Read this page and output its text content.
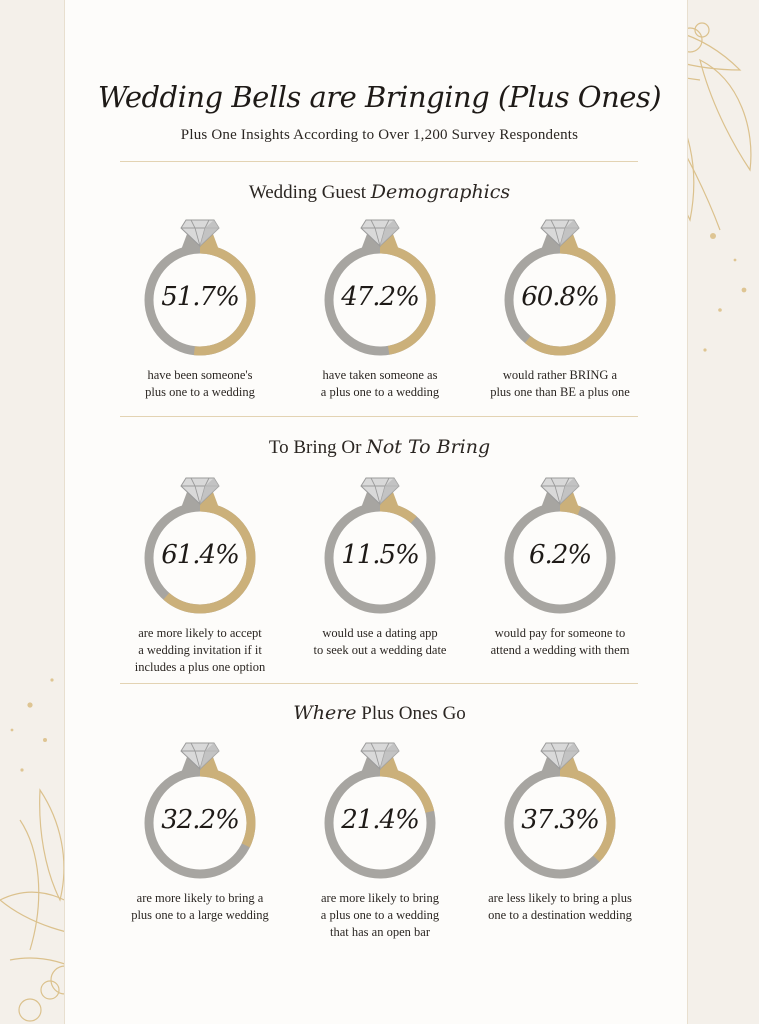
Wedding Bells are Bringing (Plus Ones)
Plus One Insights According to Over 1,200 Survey Respondents
Wedding Guest Demographics
51.7%
have been someone's
plus one to a wedding
47.2%
have taken someone as
a plus one to a wedding
60.8%
would rather BRING a
plus one than BE a plus one
To Bring Or Not To Bring
61.4%
are more likely to accept
a wedding invitation if it
includes a plus one option
11.5%
would use a dating app
to seek out a wedding date
6.2%
would pay for someone to
attend a wedding with them
Where Plus Ones Go
32.2%
are more likely to bring a
plus one to a large wedding
21.4%
are more likely to bring
a plus one to a wedding
that has an open bar
37.3%
are less likely to bring a plus
one to a destination wedding
